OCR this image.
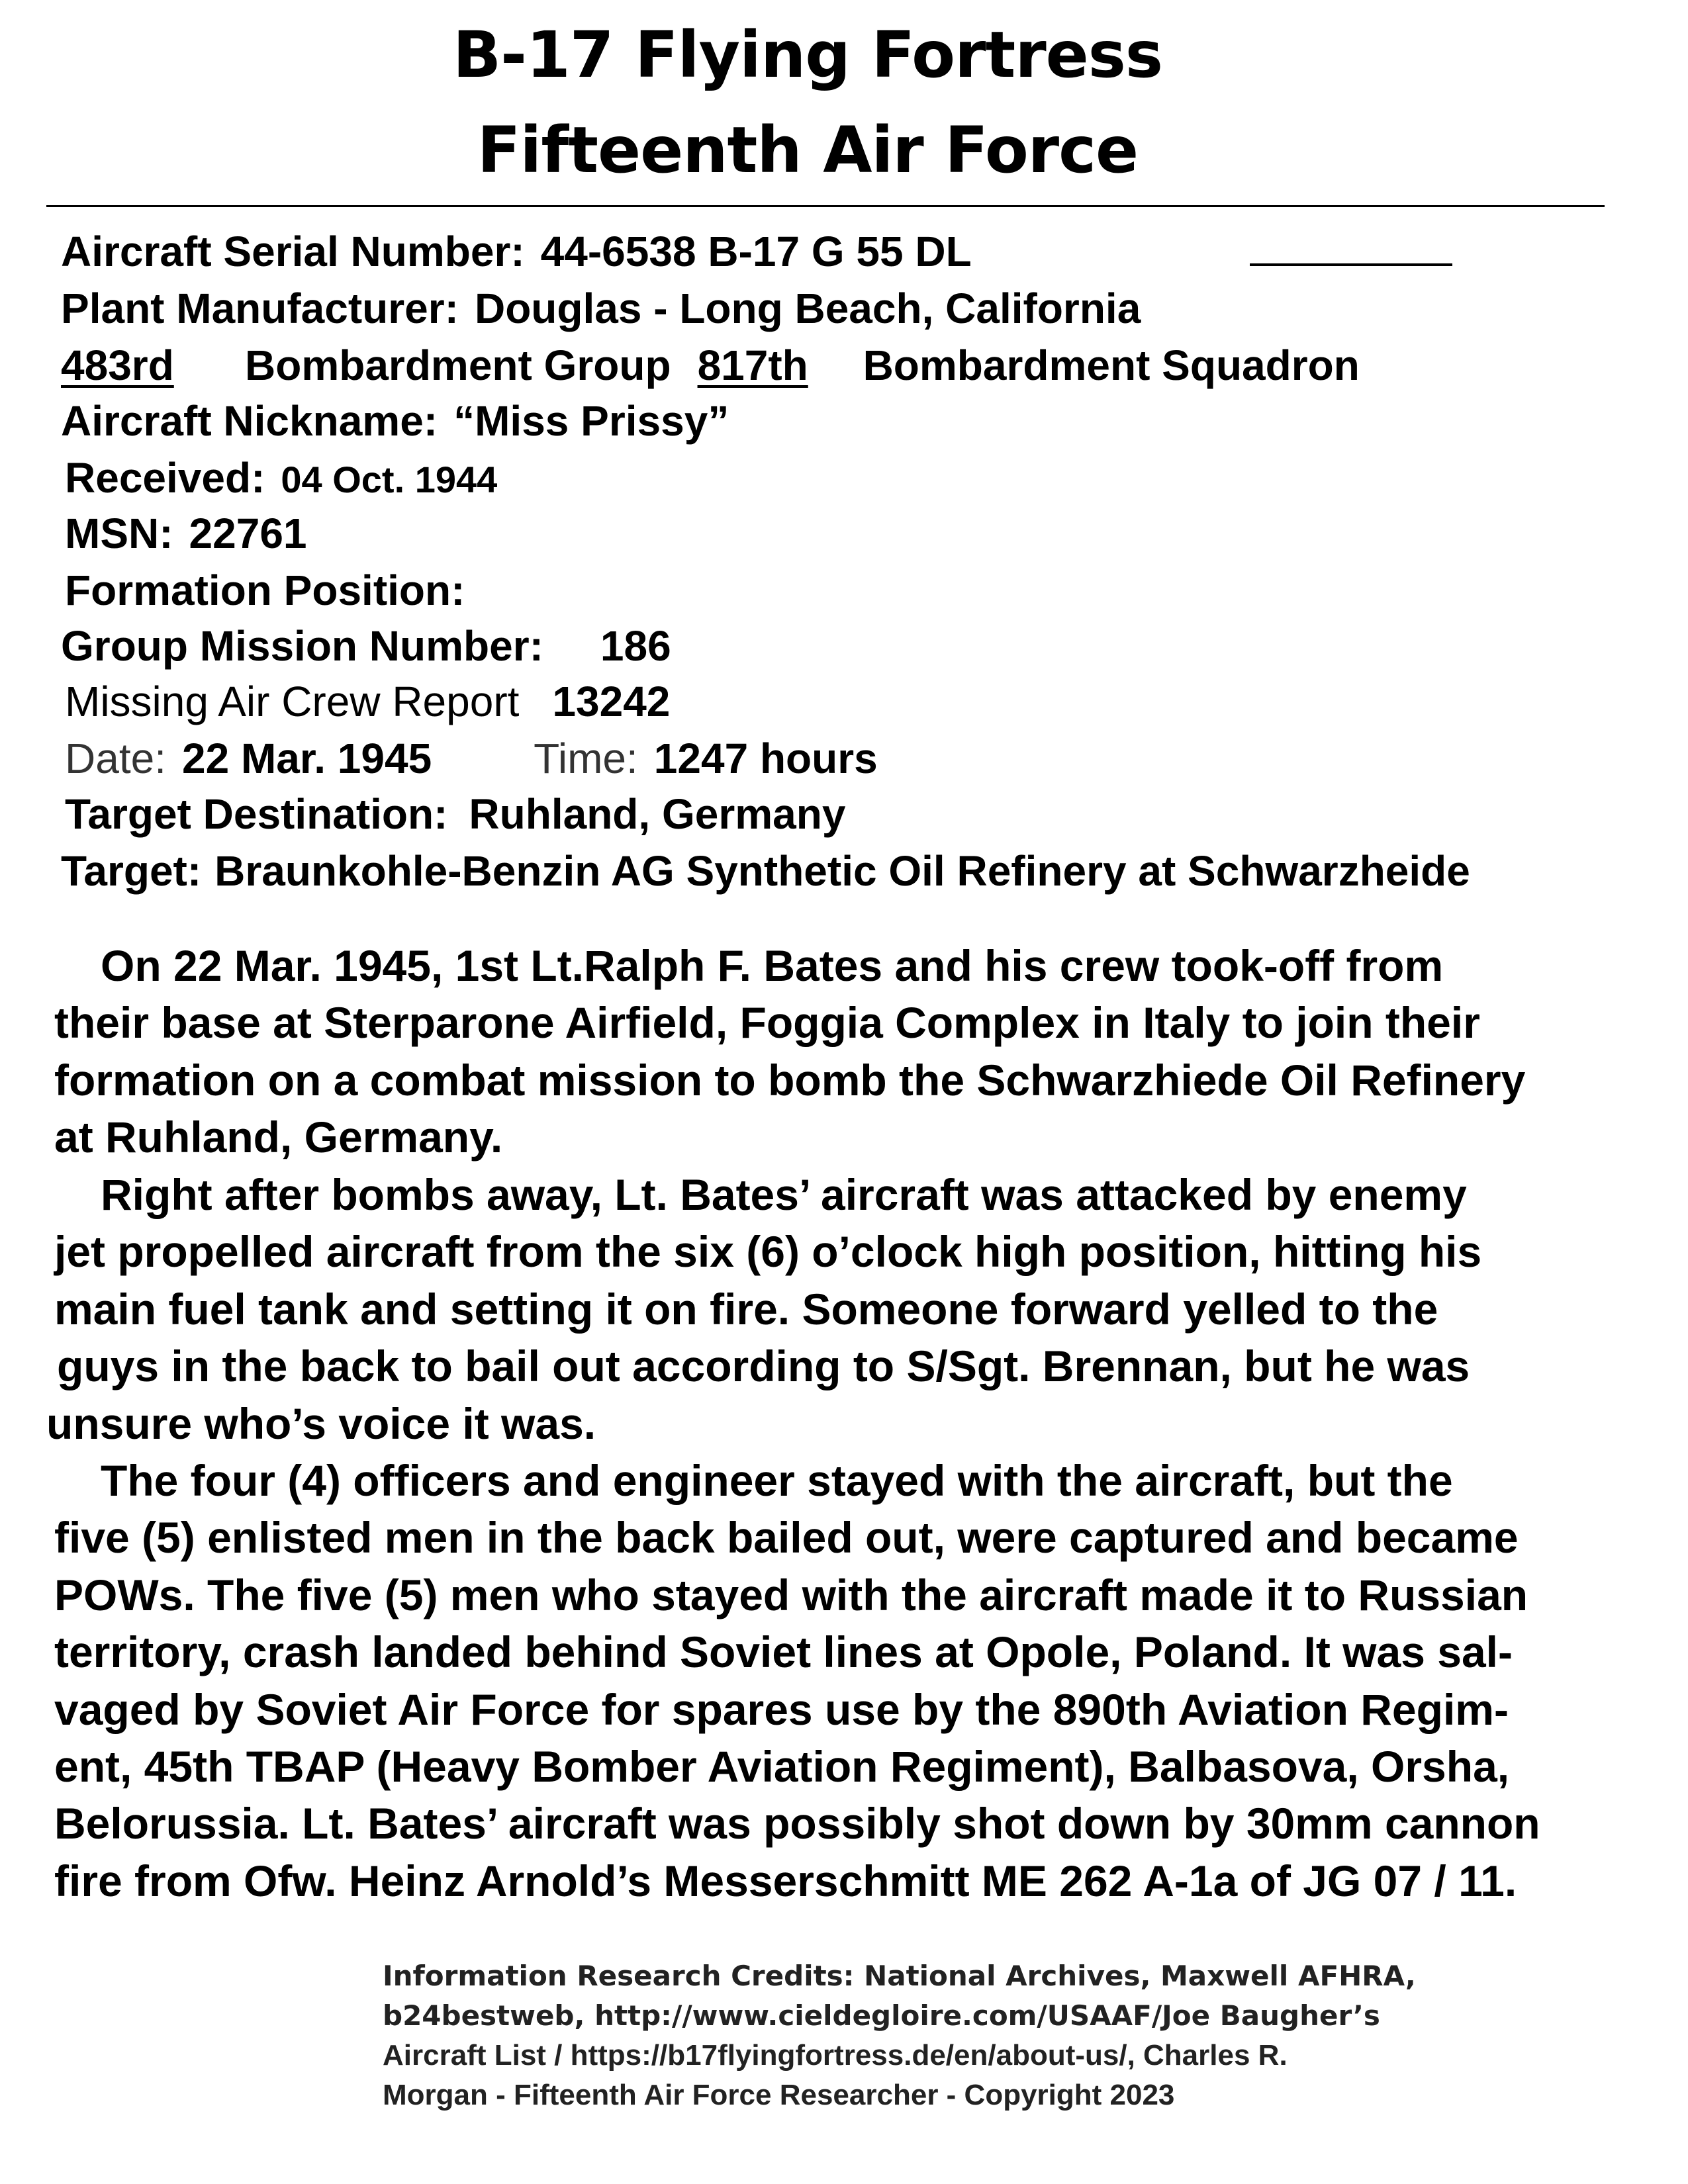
B-17 Flying Fortress
Fifteenth Air Force
Aircraft Serial Number: 44-6538 B-17 G 55 DL
Plant Manufacturer: Douglas - Long Beach, California
483rd Bombardment Group 817th Bombardment Squadron
Aircraft Nickname: “Miss Prissy”
Received: 04 Oct. 1944
MSN: 22761
Formation Position:
Group Mission Number: 186
Missing Air Crew Report 13242
Date: 22 Mar. 1945 Time: 1247 hours
Target Destination: Ruhland, Germany
Target: Braunkohle-Benzin AG Synthetic Oil Refinery at Schwarzheide
On 22 Mar. 1945, 1st Lt.Ralph F. Bates and his crew took-off from
their base at Sterparone Airfield, Foggia Complex in Italy to join their
formation on a combat mission to bomb the Schwarzhiede Oil Refinery
at Ruhland, Germany.
Right after bombs away, Lt. Bates’ aircraft was attacked by enemy
jet propelled aircraft from the six (6) o’clock high position, hitting his
main fuel tank and setting it on fire. Someone forward yelled to the
guys in the back to bail out according to S/Sgt. Brennan, but he was
unsure who’s voice it was.
The four (4) officers and engineer stayed with the aircraft, but the
five (5) enlisted men in the back bailed out, were captured and became
POWs. The five (5) men who stayed with the aircraft made it to Russian
territory, crash landed behind Soviet lines at Opole, Poland. It was sal-
vaged by Soviet Air Force for spares use by the 890th Aviation Regim-
ent, 45th TBAP (Heavy Bomber Aviation Regiment), Balbasova, Orsha,
Belorussia. Lt. Bates’ aircraft was possibly shot down by 30mm cannon
fire from Ofw. Heinz Arnold’s Messerschmitt ME 262 A-1a of JG 07 / 11.
Information Research Credits: National Archives, Maxwell AFHRA,
b24bestweb, http://www.cieldegloire.com/USAAF/Joe Baugher’s
Aircraft List / https://b17flyingfortress.de/en/about-us/, Charles R.
Morgan - Fifteenth Air Force Researcher - Copyright 2023
